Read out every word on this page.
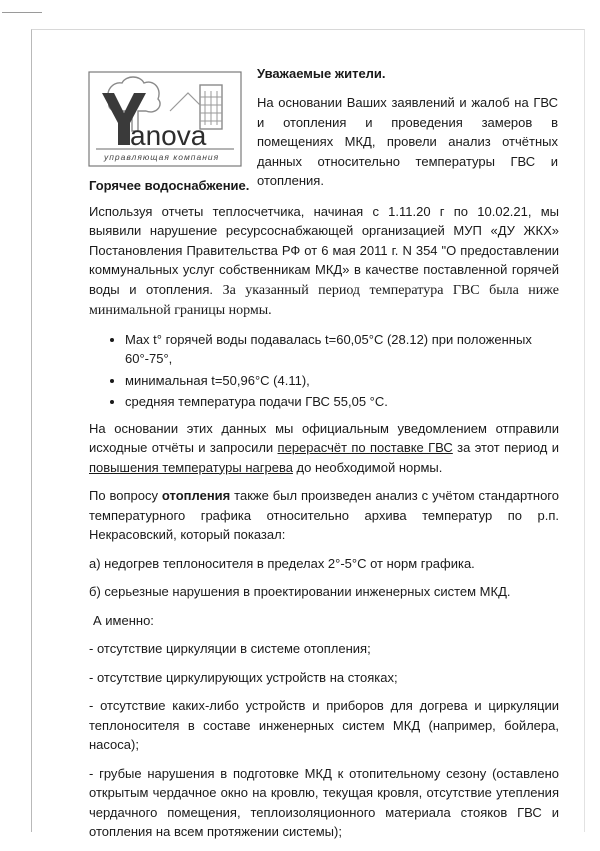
anova
управляющая компания
Уважаемые жители.
На основании Ваших заявлений и жалоб на ГВС и отопления и проведения замеров в помещениях МКД, провели анализ отчётных данных относительно температуры ГВС и отопления.
Горячее водоснабжение.

Используя отчеты теплосчетчика, начиная с 1.11.20 г по 10.02.21, мы выявили нарушение ресурсоснабжающей организацией МУП «ДУ ЖКХ» Постановления Правительства РФ от 6 мая 2011 г. N 354 "О предоставлении коммунальных услуг собственникам МКД» в качестве поставленной горячей воды и отопления. За указанный период температура ГВС была ниже минимальной границы нормы.

• Max t° горячей воды подавалась t=60,05°C (28.12) при положенных 60°-75°,
• минимальная t=50,96°C (4.11),
• средняя температура подачи ГВС 55,05 °C.

На основании этих данных мы официальным уведомлением отправили исходные отчёты и запросили перерасчёт по поставке ГВС за этот период и повышения температуры нагрева до необходимой нормы.

По вопросу отопления также был произведен анализ с учётом стандартного температурного графика относительно архива температур по р.п. Некрасовский, который показал:

а) недогрев теплоносителя в пределах 2°-5°С от норм графика.

б) серьезные нарушения в проектировании инженерных систем МКД.

А именно:

- отсутствие циркуляции в системе отопления;

- отсутствие циркулирующих устройств на стояках;

- отсутствие каких-либо устройств и приборов для догрева и циркуляции теплоносителя в составе инженерных систем МКД (например, бойлера, насоса);

- грубые нарушения в подготовке МКД к отопительному сезону (оставлено открытым чердачное окно на кровлю, текущая кровля, отсутствие утепления чердачного помещения, теплоизоляционного материала стояков ГВС и отопления на всем протяжении системы);
